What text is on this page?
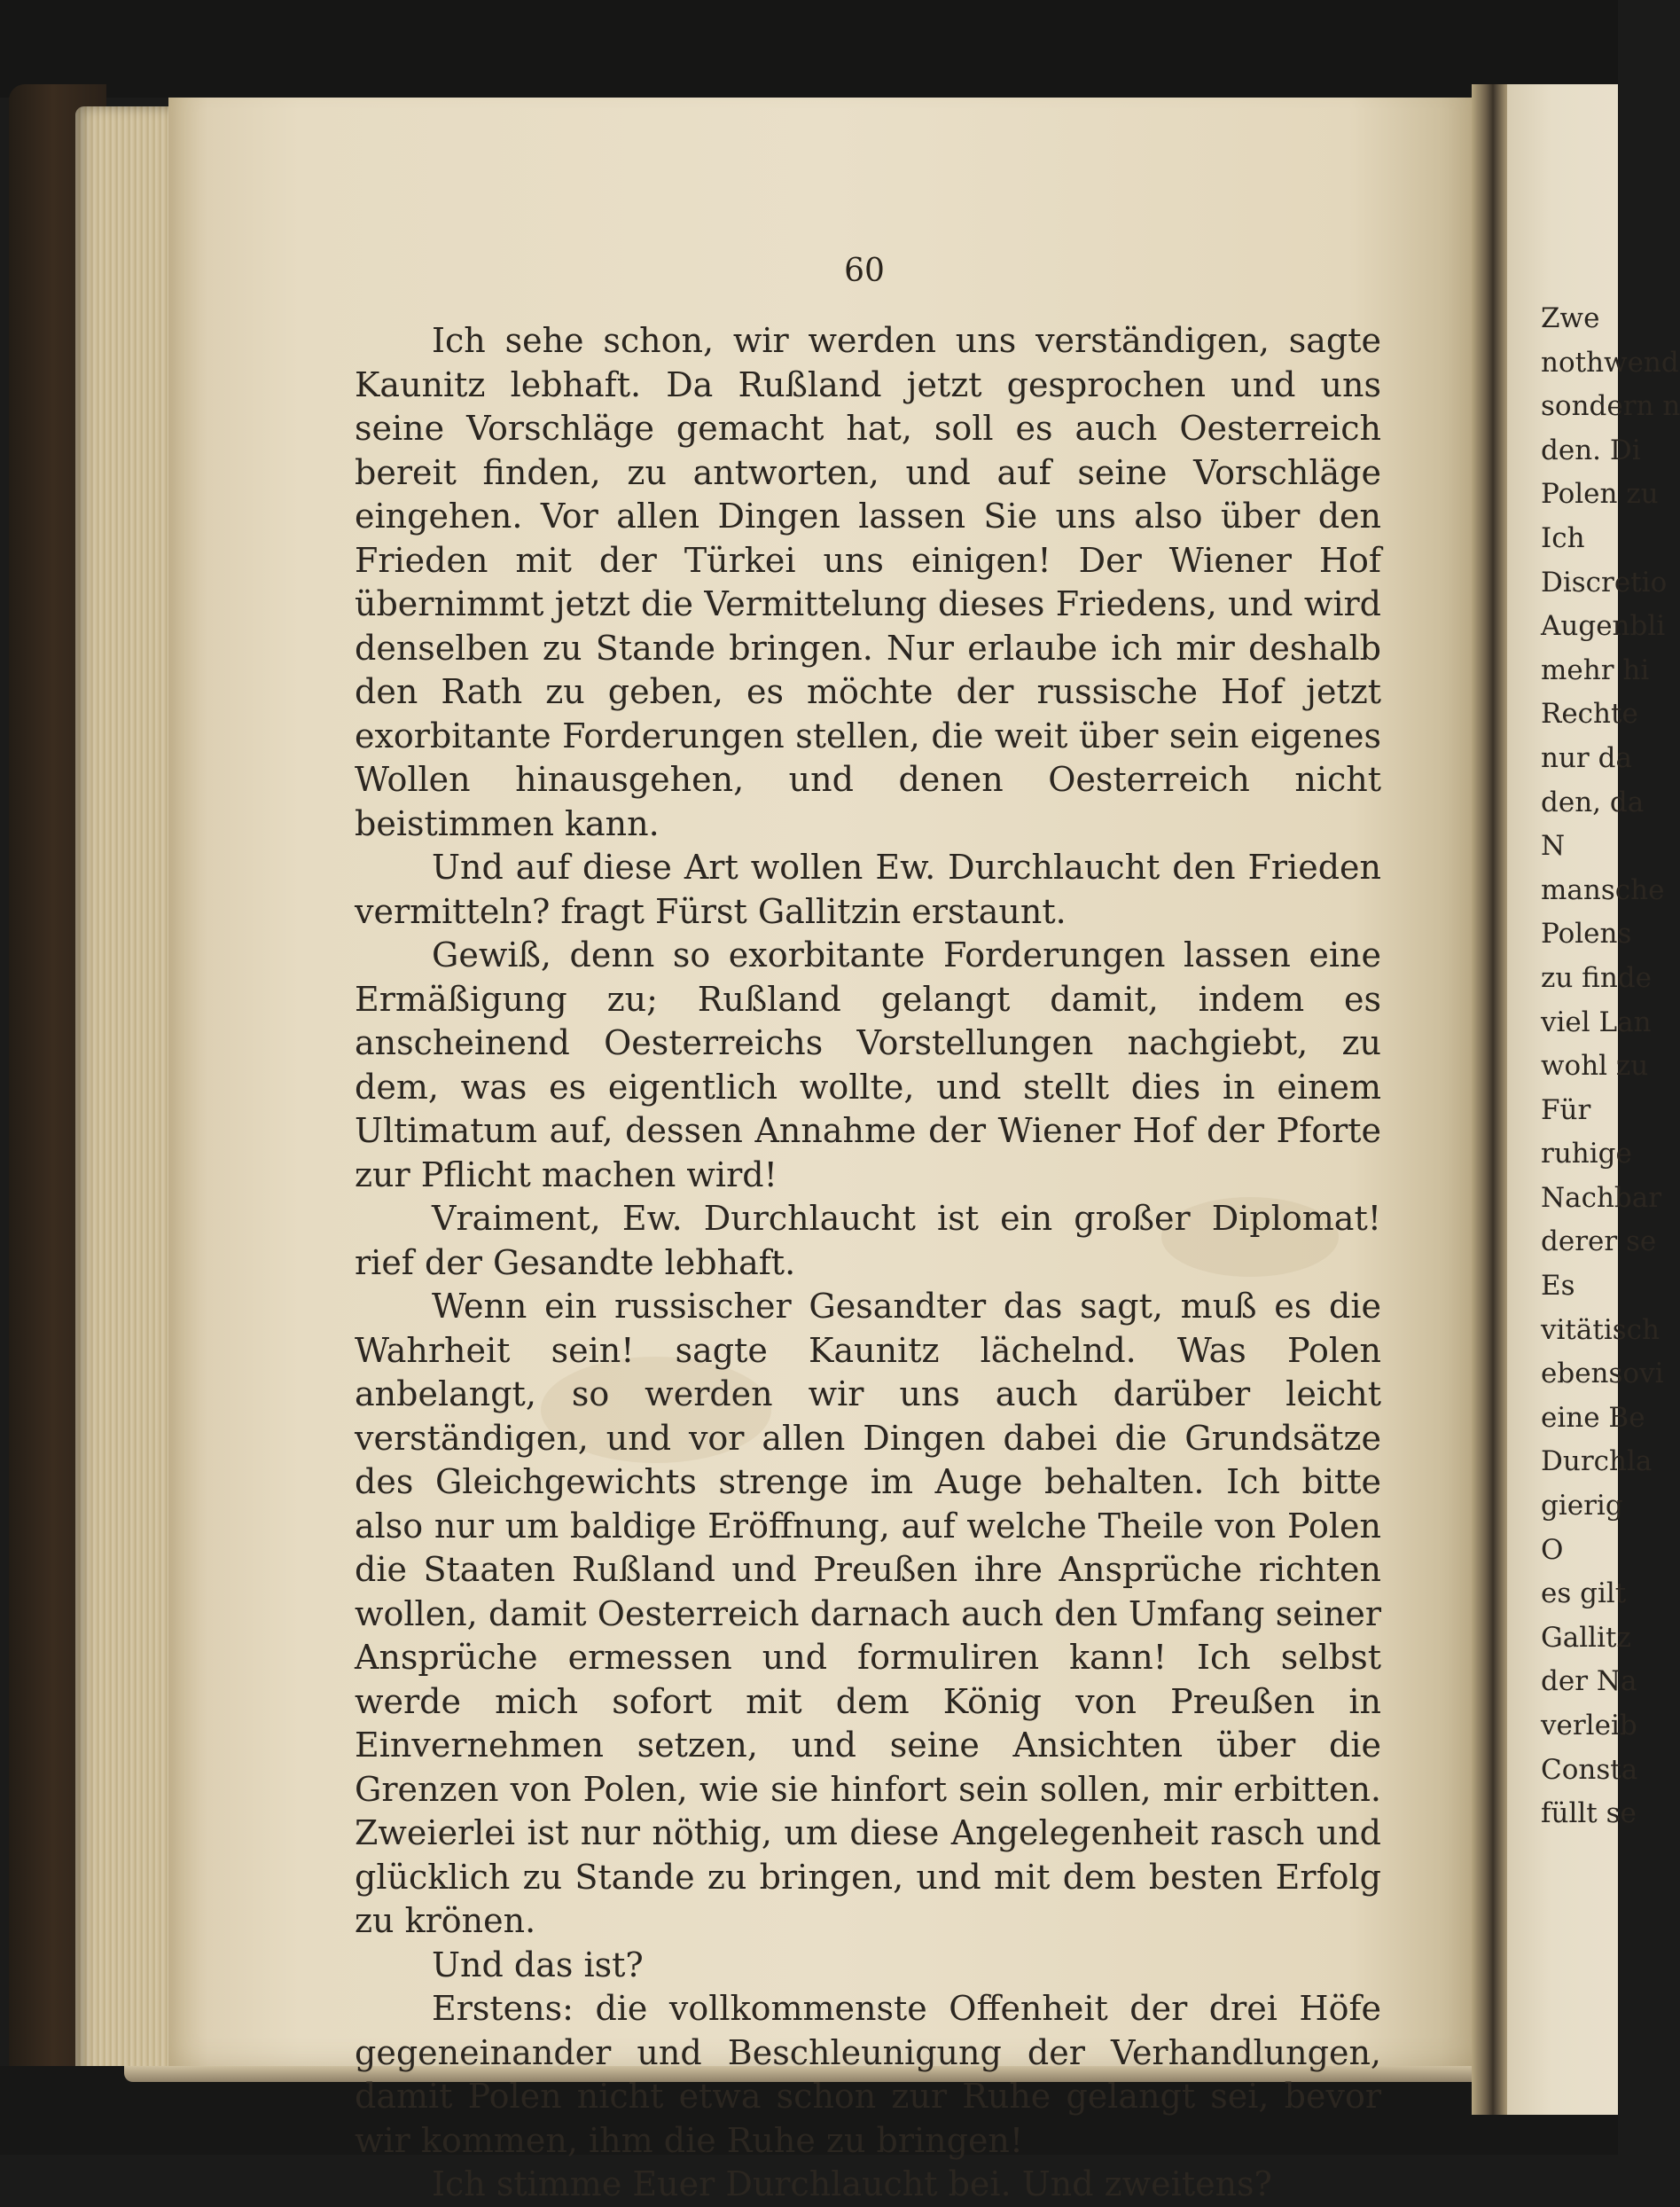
60

Ich sehe schon, wir werden uns verständigen, sagte Kaunitz lebhaft. Da Rußland jetzt gesprochen und uns seine Vorschläge gemacht hat, soll es auch Oesterreich bereit finden, zu antworten, und auf seine Vorschläge eingehen. Vor allen Dingen lassen Sie uns also über den Frieden mit der Türkei uns einigen! Der Wiener Hof übernimmt jetzt die Vermittelung dieses Friedens, und wird denselben zu Stande bringen. Nur erlaube ich mir deshalb den Rath zu geben, es möchte der russische Hof jetzt exorbitante Forderungen stellen, die weit über sein eigenes Wollen hinausgehen, und denen Oesterreich nicht beistimmen kann.

Und auf diese Art wollen Ew. Durchlaucht den Frieden vermitteln? fragt Fürst Gallitzin erstaunt.

Gewiß, denn so exorbitante Forderungen lassen eine Ermäßigung zu; Rußland gelangt damit, indem es anscheinend Oesterreichs Vorstellungen nachgiebt, zu dem, was es eigentlich wollte, und stellt dies in einem Ultimatum auf, dessen Annahme der Wiener Hof der Pforte zur Pflicht machen wird!

Vraiment, Ew. Durchlaucht ist ein großer Diplomat! rief der Gesandte lebhaft.

Wenn ein russischer Gesandter das sagt, muß es die Wahrheit sein! sagte Kaunitz lächelnd. Was Polen anbelangt, so werden wir uns auch darüber leicht verständigen, und vor allen Dingen dabei die Grundsätze des Gleichgewichts strenge im Auge behalten. Ich bitte also nur um baldige Eröffnung, auf welche Theile von Polen die Staaten Rußland und Preußen ihre Ansprüche richten wollen, damit Oesterreich darnach auch den Umfang seiner Ansprüche ermessen und formuliren kann! Ich selbst werde mich sofort mit dem König von Preußen in Einvernehmen setzen, und seine Ansichten über die Grenzen von Polen, wie sie hinfort sein sollen, mir erbitten. Zweierlei ist nur nöthig, um diese Angelegenheit rasch und glücklich zu Stande zu bringen, und mit dem besten Erfolg zu krönen.

Und das ist?

Erstens: die vollkommenste Offenheit der drei Höfe gegeneinander und Beschleunigung der Verhandlungen, damit Polen nicht etwa schon zur Ruhe gelangt sei, bevor wir kommen, ihm die Ruhe zu bringen!

Ich stimme Euer Durchlaucht bei. Und zweitens?

Zwe
nothwend
sondern n
den. Di
Polen zu
Ich
Discretio
Augenbli
mehr hi
Rechte
nur da
den, da
N
mansche
Polens
zu finde
viel Lan
wohl zu
Für
ruhige
Nachbar
derer se
Es
vitätisch
ebensovi
eine Be
Durchla
gierig
O
es gilt
Gallitz
der Na
verleib
Consta
füllt se
